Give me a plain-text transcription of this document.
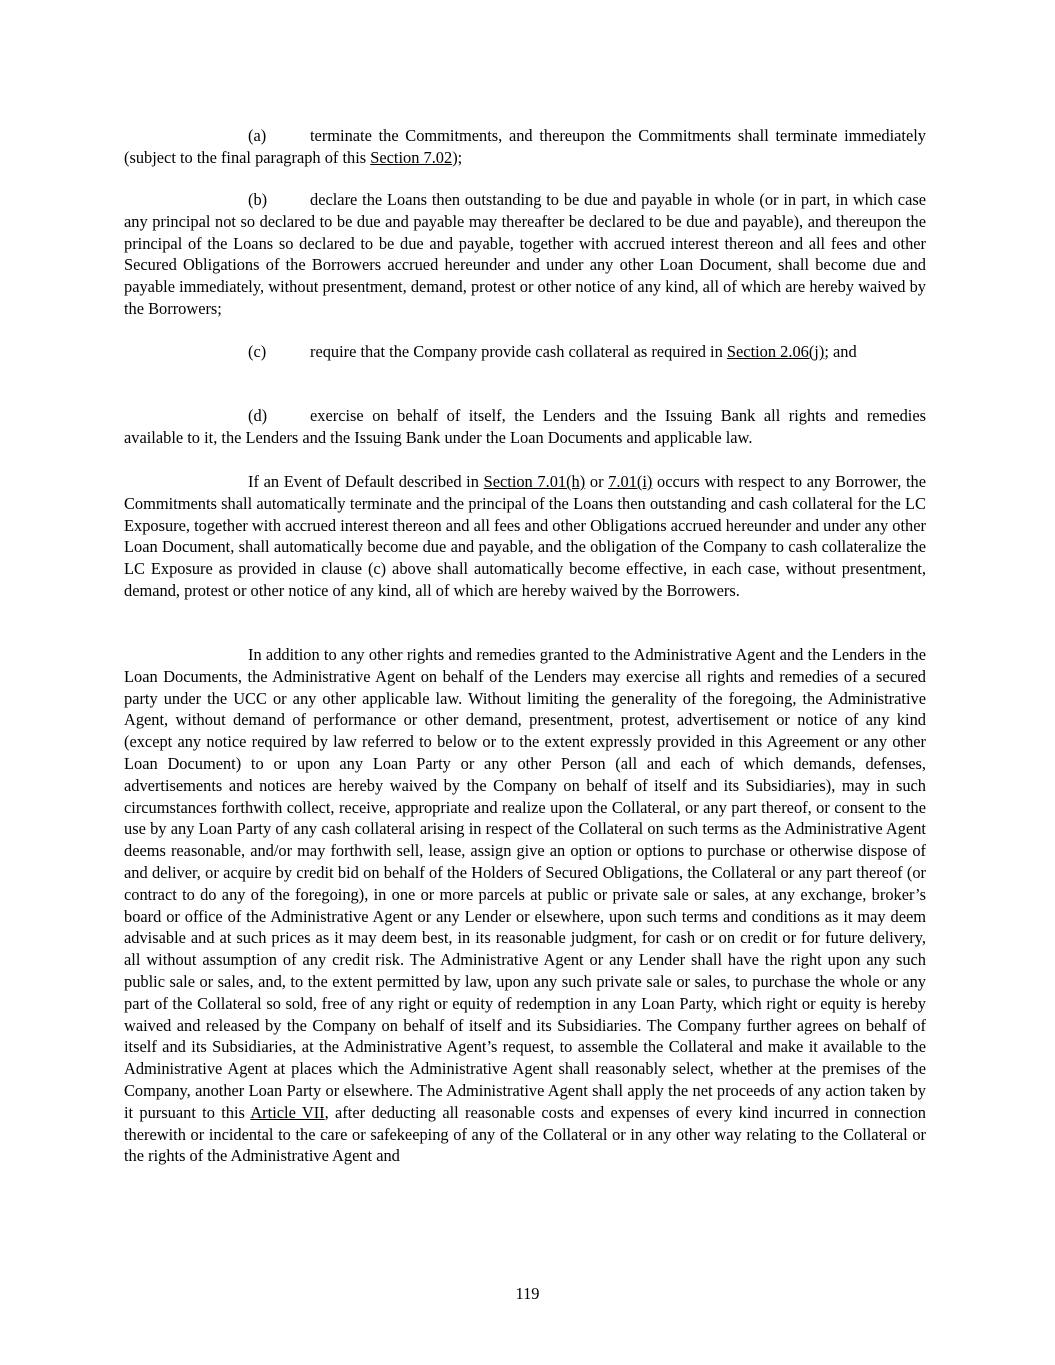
(a)	terminate the Commitments, and thereupon the Commitments shall terminate immediately (subject to the final paragraph of this Section 7.02);

(b)	declare the Loans then outstanding to be due and payable in whole (or in part, in which case any principal not so declared to be due and payable may thereafter be declared to be due and payable), and thereupon the principal of the Loans so declared to be due and payable, together with accrued interest thereon and all fees and other Secured Obligations of the Borrowers accrued hereunder and under any other Loan Document, shall become due and payable immediately, without presentment, demand, protest or other notice of any kind, all of which are hereby waived by the Borrowers;

(c)	require that the Company provide cash collateral as required in Section 2.06(j); and

(d)	exercise on behalf of itself, the Lenders and the Issuing Bank all rights and remedies available to it, the Lenders and the Issuing Bank under the Loan Documents and applicable law.

If an Event of Default described in Section 7.01(h) or 7.01(i) occurs with respect to any Borrower, the Commitments shall automatically terminate and the principal of the Loans then outstanding and cash collateral for the LC Exposure, together with accrued interest thereon and all fees and other Obligations accrued hereunder and under any other Loan Document, shall automatically become due and payable, and the obligation of the Company to cash collateralize the LC Exposure as provided in clause (c) above shall automatically become effective, in each case, without presentment, demand, protest or other notice of any kind, all of which are hereby waived by the Borrowers.

In addition to any other rights and remedies granted to the Administrative Agent and the Lenders in the Loan Documents, the Administrative Agent on behalf of the Lenders may exercise all rights and remedies of a secured party under the UCC or any other applicable law. Without limiting the generality of the foregoing, the Administrative Agent, without demand of performance or other demand, presentment, protest, advertisement or notice of any kind (except any notice required by law referred to below or to the extent expressly provided in this Agreement or any other Loan Document) to or upon any Loan Party or any other Person (all and each of which demands, defenses, advertisements and notices are hereby waived by the Company on behalf of itself and its Subsidiaries), may in such circumstances forthwith collect, receive, appropriate and realize upon the Collateral, or any part thereof, or consent to the use by any Loan Party of any cash collateral arising in respect of the Collateral on such terms as the Administrative Agent deems reasonable, and/or may forthwith sell, lease, assign give an option or options to purchase or otherwise dispose of and deliver, or acquire by credit bid on behalf of the Holders of Secured Obligations, the Collateral or any part thereof (or contract to do any of the foregoing), in one or more parcels at public or private sale or sales, at any exchange, broker’s board or office of the Administrative Agent or any Lender or elsewhere, upon such terms and conditions as it may deem advisable and at such prices as it may deem best, in its reasonable judgment, for cash or on credit or for future delivery, all without assumption of any credit risk. The Administrative Agent or any Lender shall have the right upon any such public sale or sales, and, to the extent permitted by law, upon any such private sale or sales, to purchase the whole or any part of the Collateral so sold, free of any right or equity of redemption in any Loan Party, which right or equity is hereby waived and released by the Company on behalf of itself and its Subsidiaries. The Company further agrees on behalf of itself and its Subsidiaries, at the Administrative Agent’s request, to assemble the Collateral and make it available to the Administrative Agent at places which the Administrative Agent shall reasonably select, whether at the premises of the Company, another Loan Party or elsewhere. The Administrative Agent shall apply the net proceeds of any action taken by it pursuant to this Article VII, after deducting all reasonable costs and expenses of every kind incurred in connection therewith or incidental to the care or safekeeping of any of the Collateral or in any other way relating to the Collateral or the rights of the Administrative Agent and

119
